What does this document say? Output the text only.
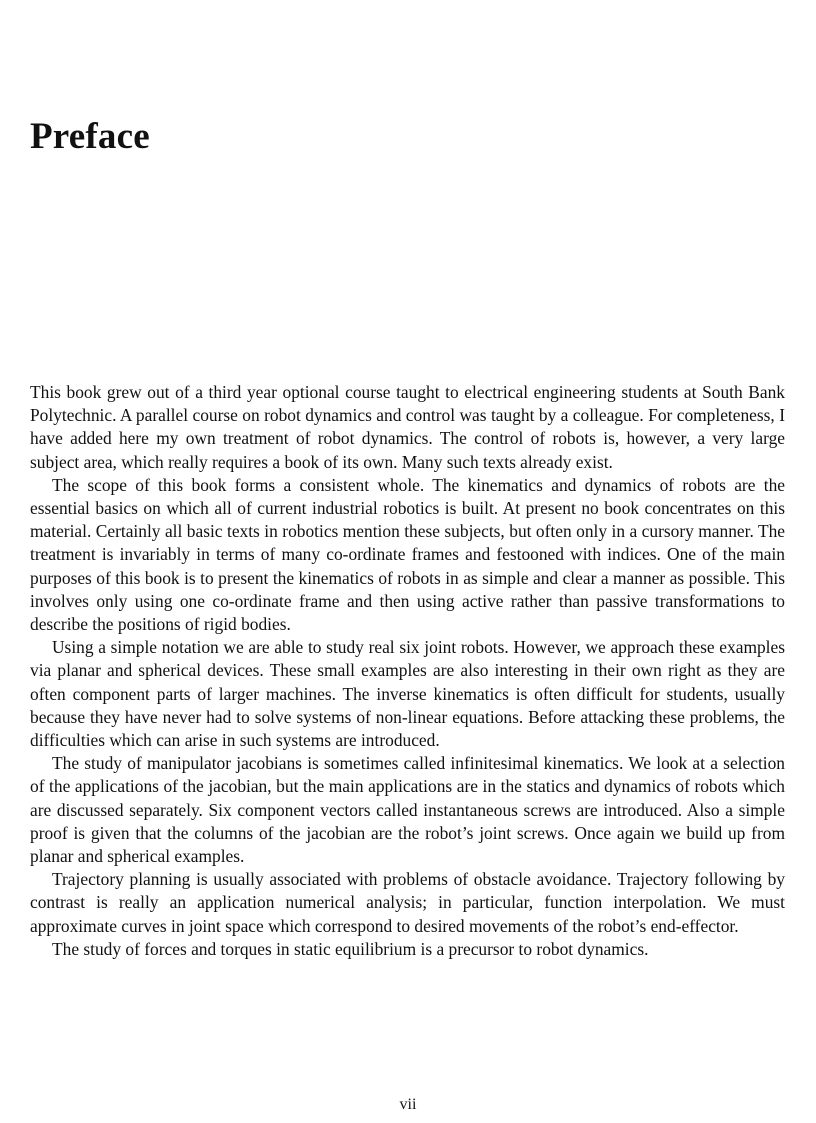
Preface

This book grew out of a third year optional course taught to electrical engineering students at South Bank Polytechnic. A parallel course on robot dynamics and control was taught by a colleague. For completeness, I have added here my own treatment of robot dynamics. The control of robots is, however, a very large subject area, which really requires a book of its own. Many such texts already exist.

The scope of this book forms a consistent whole. The kinematics and dynamics of robots are the essential basics on which all of current industrial robotics is built. At present no book concentrates on this material. Certainly all basic texts in robotics mention these subjects, but often only in a cursory manner. The treatment is invariably in terms of many co-ordinate frames and festooned with indices. One of the main purposes of this book is to present the kinematics of robots in as simple and clear a manner as possible. This involves only using one co-ordinate frame and then using active rather than passive transformations to describe the positions of rigid bodies.

Using a simple notation we are able to study real six joint robots. However, we approach these examples via planar and spherical devices. These small examples are also interesting in their own right as they are often component parts of larger machines. The inverse kinematics is often difficult for students, usually because they have never had to solve systems of non-linear equations. Before attacking these problems, the difficulties which can arise in such systems are introduced.

The study of manipulator jacobians is sometimes called infinitesimal kinematics. We look at a selection of the applications of the jacobian, but the main applications are in the statics and dynamics of robots which are discussed separately. Six component vectors called instantaneous screws are introduced. Also a simple proof is given that the columns of the jacobian are the robot’s joint screws. Once again we build up from planar and spherical examples.

Trajectory planning is usually associated with problems of obstacle avoidance. Trajectory following by contrast is really an application numerical analysis; in particular, function interpolation. We must approximate curves in joint space which correspond to desired movements of the robot’s end-effector.

The study of forces and torques in static equilibrium is a precursor to robot dynamics.

vii
